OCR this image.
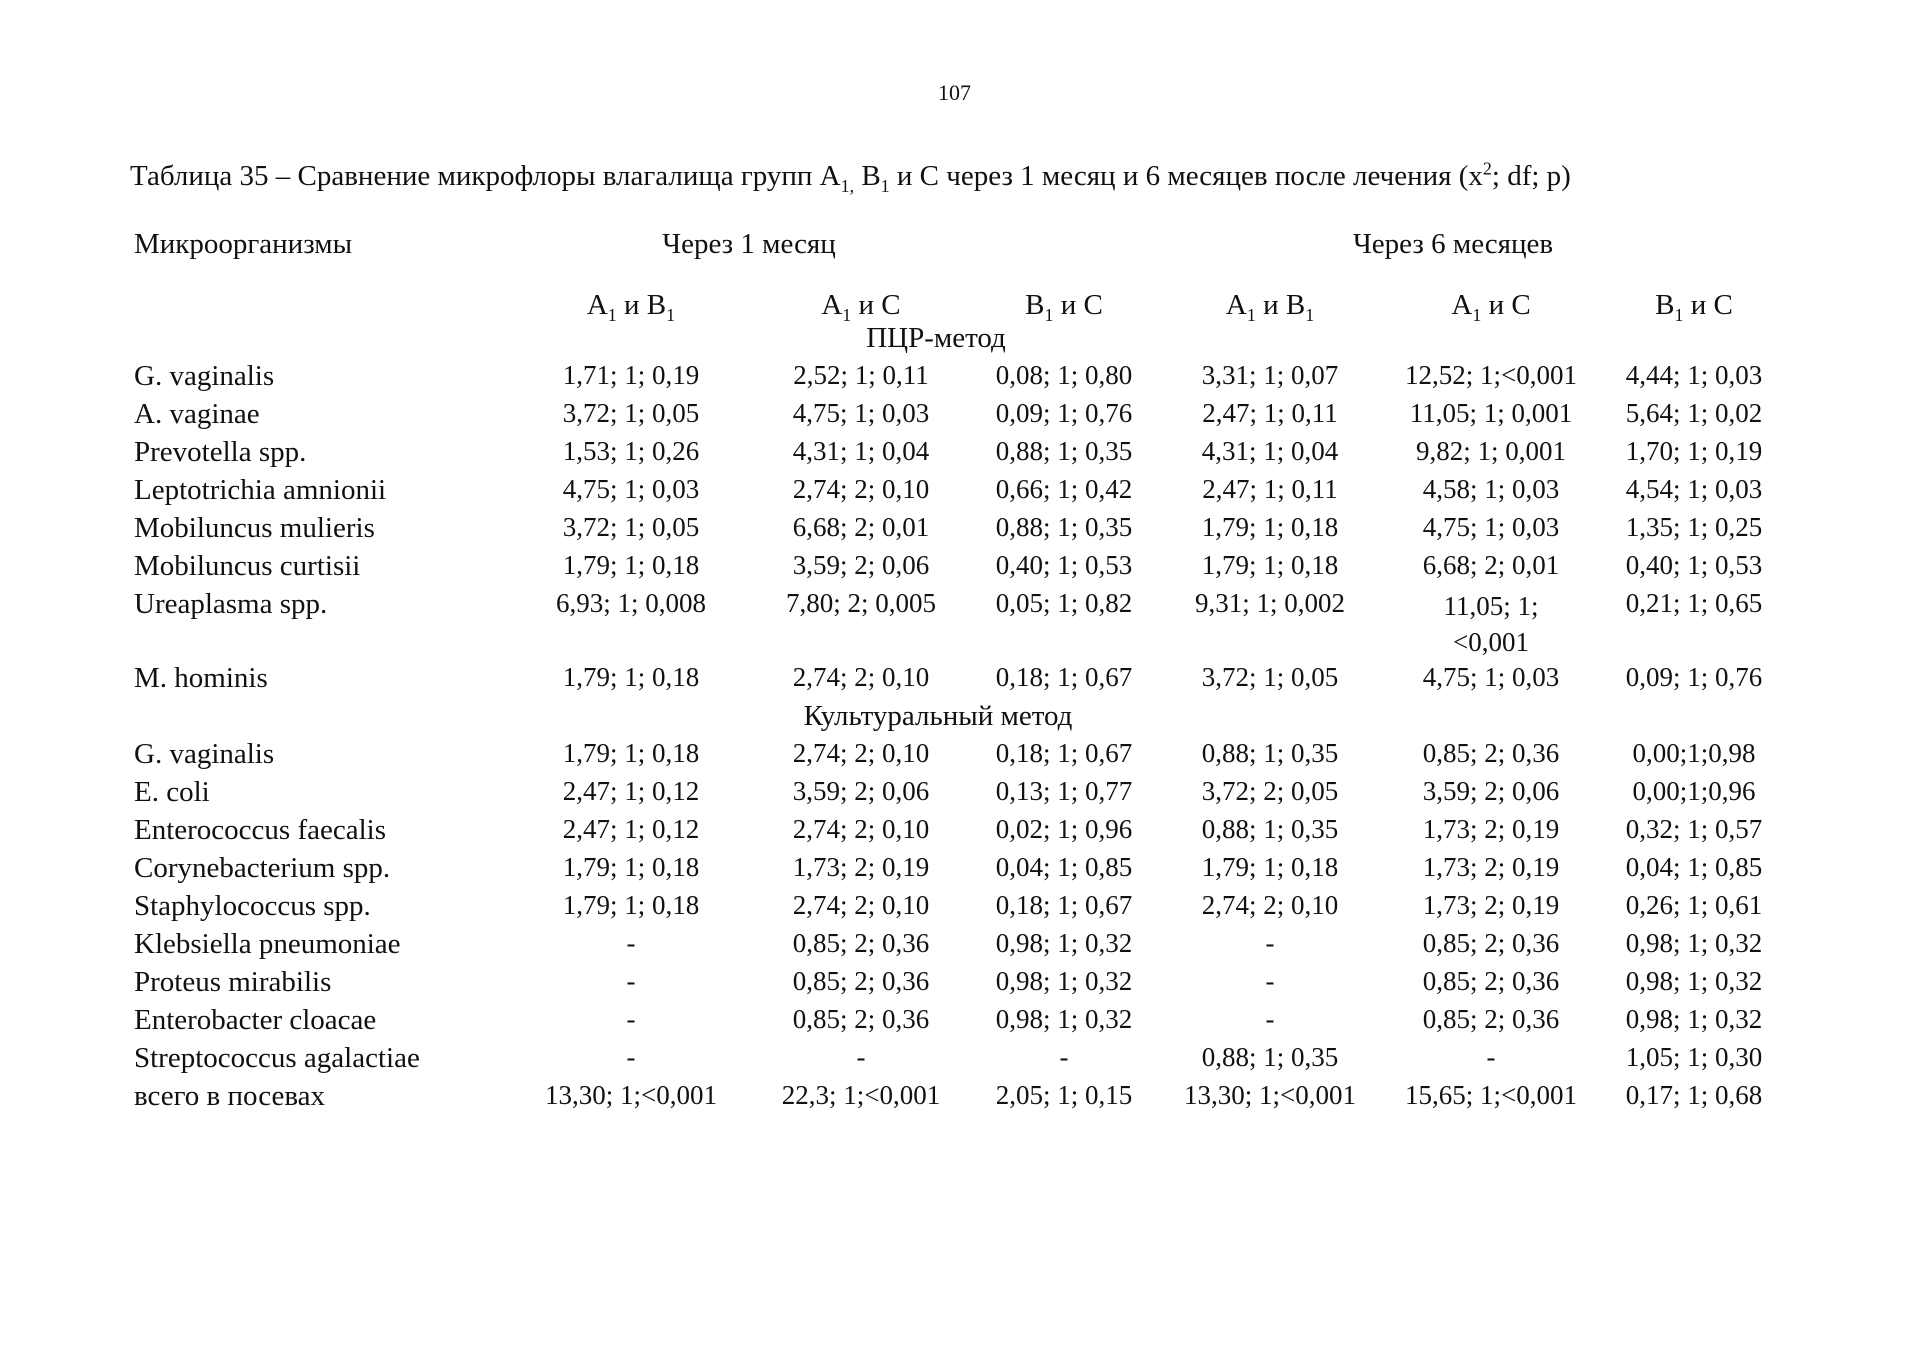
107
Таблица 35 – Сравнение микрофлоры влагалища групп $А_{1,}$ $В_1$ и С через 1 месяц и 6 месяцев после лечения ($х^2$; df; p)
Микроорганизмы	Через 1 месяц			Через 6 месяцев		
	$А_1$ и $В_1$	$А_1$ и С	$В_1$ и С	$А_1$ и $В_1$	$А_1$ и С	$В_1$ и С
ПЦР-метод						
G. vaginalis	1,71; 1; 0,19	2,52; 1; 0,11	0,08; 1; 0,80	3,31; 1; 0,07	12,52; 1;<0,001	4,44; 1; 0,03
A. vaginae	3,72; 1; 0,05	4,75; 1; 0,03	0,09; 1; 0,76	2,47; 1; 0,11	11,05; 1; 0,001	5,64; 1; 0,02
Prevotella spp.	1,53; 1; 0,26	4,31; 1; 0,04	0,88; 1; 0,35	4,31; 1; 0,04	9,82; 1; 0,001	1,70; 1; 0,19
Leptotrichia amnionii	4,75; 1; 0,03	2,74; 2; 0,10	0,66; 1; 0,42	2,47; 1; 0,11	4,58; 1; 0,03	4,54; 1; 0,03
Mobiluncus mulieris	3,72; 1; 0,05	6,68; 2; 0,01	0,88; 1; 0,35	1,79; 1; 0,18	4,75; 1; 0,03	1,35; 1; 0,25
Mobiluncus curtisii	1,79; 1; 0,18	3,59; 2; 0,06	0,40; 1; 0,53	1,79; 1; 0,18	6,68; 2; 0,01	0,40; 1; 0,53
Ureaplasma spp.	6,93; 1; 0,008	7,80; 2; 0,005	0,05; 1; 0,82	9,31; 1; 0,002	11,05; 1; <0,001	0,21; 1; 0,65
M. hominis	1,79; 1; 0,18	2,74; 2; 0,10	0,18; 1; 0,67	3,72; 1; 0,05	4,75; 1; 0,03	0,09; 1; 0,76
Культуральный метод						
G. vaginalis	1,79; 1; 0,18	2,74; 2; 0,10	0,18; 1; 0,67	0,88; 1; 0,35	0,85; 2; 0,36	0,00;1;0,98
E. coli	2,47; 1; 0,12	3,59; 2; 0,06	0,13; 1; 0,77	3,72; 2; 0,05	3,59; 2; 0,06	0,00;1;0,96
Enterococcus faecalis	2,47; 1; 0,12	2,74; 2; 0,10	0,02; 1; 0,96	0,88; 1; 0,35	1,73; 2; 0,19	0,32; 1; 0,57
Corynebacterium spp.	1,79; 1; 0,18	1,73; 2; 0,19	0,04; 1; 0,85	1,79; 1; 0,18	1,73; 2; 0,19	0,04; 1; 0,85
Staphylococcus spp.	1,79; 1; 0,18	2,74; 2; 0,10	0,18; 1; 0,67	2,74; 2; 0,10	1,73; 2; 0,19	0,26; 1; 0,61
Klebsiella pneumoniae	-	0,85; 2; 0,36	0,98; 1; 0,32	-	0,85; 2; 0,36	0,98; 1; 0,32
Proteus mirabilis	-	0,85; 2; 0,36	0,98; 1; 0,32	-	0,85; 2; 0,36	0,98; 1; 0,32
Enterobacter cloacae	-	0,85; 2; 0,36	0,98; 1; 0,32	-	0,85; 2; 0,36	0,98; 1; 0,32
Streptococcus agalactiae	-	-	-	0,88; 1; 0,35	-	1,05; 1; 0,30
всего в посевах	13,30; 1;<0,001	22,3; 1;<0,001	2,05; 1; 0,15	13,30; 1;<0,001	15,65; 1;<0,001	0,17; 1; 0,68
